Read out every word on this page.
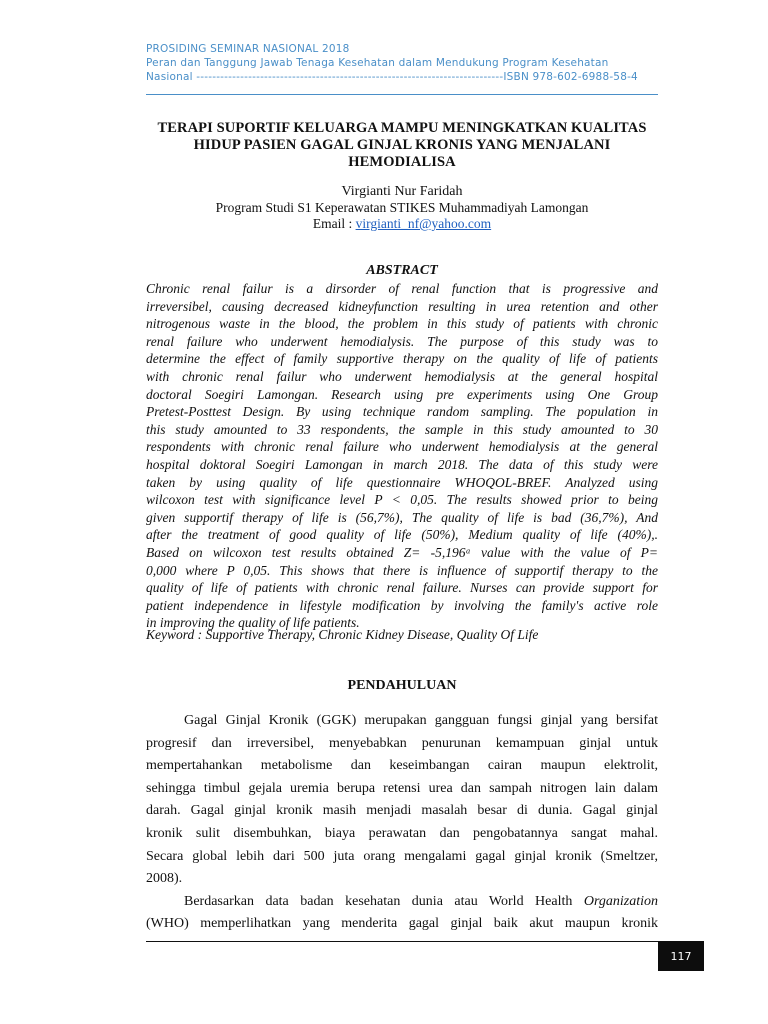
PROSIDING SEMINAR NASIONAL 2018
Peran dan Tanggung Jawab Tenaga Kesehatan dalam Mendukung Program Kesehatan
Nasional -----------------------------------------------------------------------------ISBN 978-602-6988-58-4
TERAPI SUPORTIF KELUARGA MAMPU MENINGKATKAN KUALITAS
HIDUP PASIEN GAGAL GINJAL KRONIS YANG MENJALANI
HEMODIALISA
Virgianti Nur Faridah
Program Studi S1 Keperawatan STIKES Muhammadiyah Lamongan
Email : virgianti_nf@yahoo.com
ABSTRACT
Chronic renal failur is a dirsorder of renal function that is progressive and
irreversibel, causing decreased kidneyfunction resulting in urea retention and other
nitrogenous waste in the blood, the problem in this study of patients with chronic
renal failure who underwent hemodialysis. The purpose of this study was to
determine the effect of family supportive therapy on the quality of life of patients
with chronic renal failur who underwent hemodialysis at the general hospital
doctoral Soegiri Lamongan. Research using pre experiments using One Group
Pretest-Posttest Design. By using technique random sampling. The population in
this study amounted to 33 respondents, the sample in this study amounted to 30
respondents with chronic renal failure who underwent hemodialysis at the general
hospital doktoral Soegiri Lamongan in march 2018. The data of this study were
taken by using quality of life questionnaire WHOQOL-BREF. Analyzed using
wilcoxon test with significance level P < 0,05. The results showed prior to being
given supportif therapy of life is (56,7%), The quality of life is bad (36,7%), And
after the treatment of good quality of life (50%), Medium quality of life (40%),.
Based on wilcoxon test results obtained Z= -5,196ᵃ value with the value of P=
0,000 where P 0,05. This shows that there is influence of supportif therapy to the
quality of life of patients with chronic renal failure. Nurses can provide support for
patient independence in lifestyle modification by involving the family's active role
in improving the quality of life patients.
Keyword : Supportive Therapy, Chronic Kidney Disease, Quality Of Life
PENDAHULUAN
Gagal Ginjal Kronik (GGK) merupakan gangguan fungsi ginjal yang bersifat
progresif dan irreversibel, menyebabkan penurunan kemampuan ginjal untuk
mempertahankan metabolisme dan keseimbangan cairan maupun elektrolit,
sehingga timbul gejala uremia berupa retensi urea dan sampah nitrogen lain dalam
darah. Gagal ginjal kronik masih menjadi masalah besar di dunia. Gagal ginjal
kronik sulit disembuhkan, biaya perawatan dan pengobatannya sangat mahal.
Secara global lebih dari 500 juta orang mengalami gagal ginjal kronik (Smeltzer,
2008).
Berdasarkan data badan kesehatan dunia atau World Health Organization
(WHO) memperlihatkan yang menderita gagal ginjal baik akut maupun kronik
117
